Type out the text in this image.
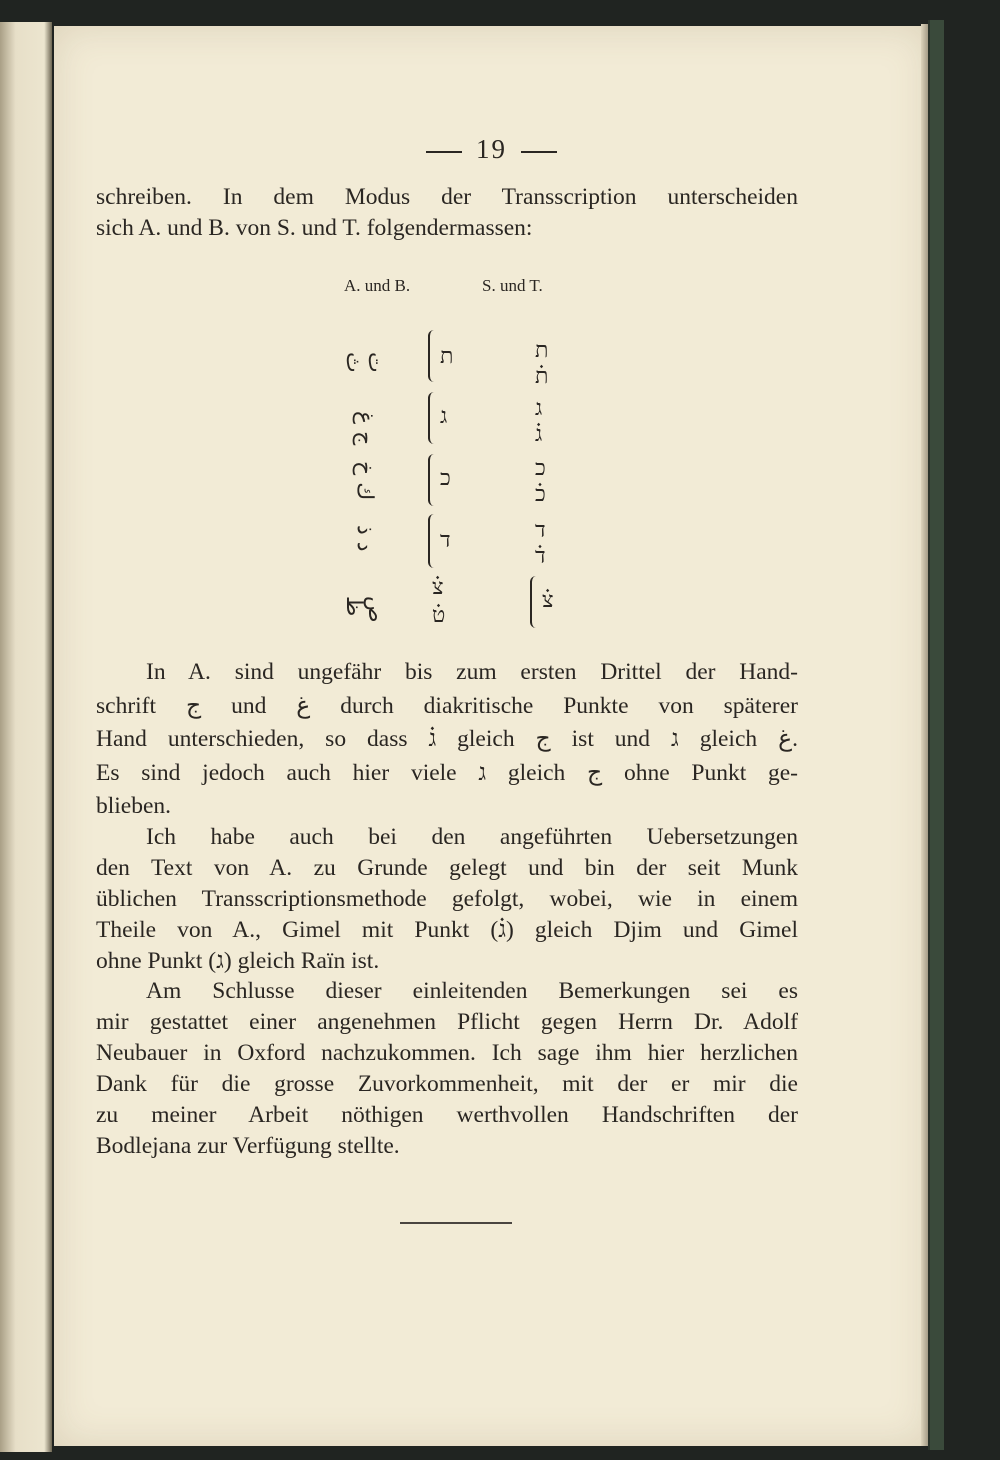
19

schreiben. In dem Modus der Transscription unterscheiden

sich A. und B. von S. und T. folgendermassen:

A. und B.	S. und T.
ت ث
ج غ
ك خ
د ذ
ص ظ
ת
ג
כ
ד
צ֗ ט֗
ת ת֗
ג ג֗
כ כ֗
ד ד֗
צ֗

In A. sind ungefähr bis zum ersten Drittel der Hand-

schrift ج und غ durch diakritische Punkte von späterer

Hand unterschieden, so dass ג֗ gleich ج ist und ג gleich غ.

Es sind jedoch auch hier viele ג gleich ج ohne Punkt ge-

blieben.

Ich habe auch bei den angeführten Uebersetzungen

den Text von A. zu Grunde gelegt und bin der seit Munk

üblichen Transscriptionsmethode gefolgt, wobei, wie in einem

Theile von A., Gimel mit Punkt (ג֗) gleich Djim und Gimel

ohne Punkt (ג) gleich Raïn ist.

Am Schlusse dieser einleitenden Bemerkungen sei es

mir gestattet einer angenehmen Pflicht gegen Herrn Dr. Adolf

Neubauer in Oxford nachzukommen. Ich sage ihm hier herzlichen

Dank für die grosse Zuvorkommenheit, mit der er mir die

zu meiner Arbeit nöthigen werthvollen Handschriften der

Bodlejana zur Verfügung stellte.
